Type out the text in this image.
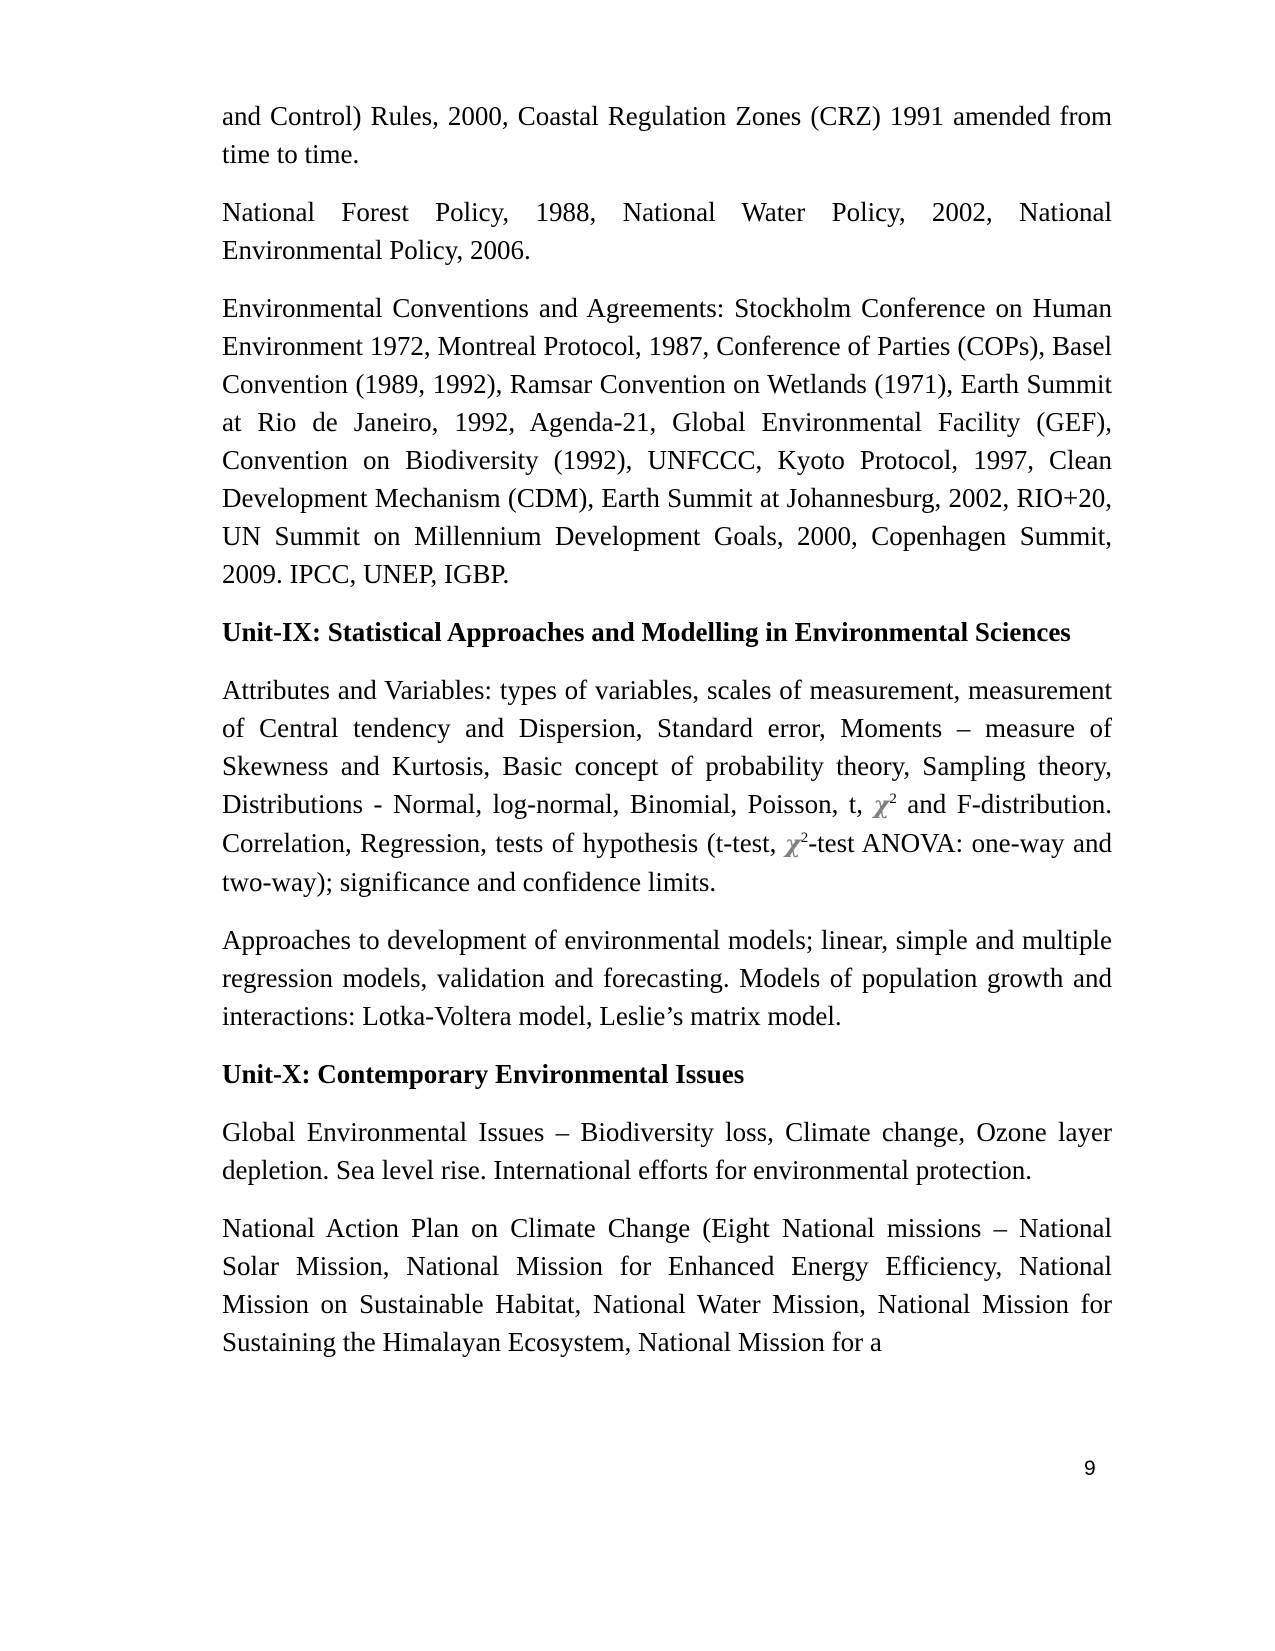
and Control) Rules, 2000, Coastal Regulation Zones (CRZ) 1991 amended from time to time.

National Forest Policy, 1988, National Water Policy, 2002, National Environmental Policy, 2006.

Environmental Conventions and Agreements: Stockholm Conference on Human Environment 1972, Montreal Protocol, 1987, Conference of Parties (COPs), Basel Convention (1989, 1992), Ramsar Convention on Wetlands (1971), Earth Summit at Rio de Janeiro, 1992, Agenda-21, Global Environmental Facility (GEF), Convention on Biodiversity (1992), UNFCCC, Kyoto Protocol, 1997, Clean Development Mechanism (CDM), Earth Summit at Johannesburg, 2002, RIO+20, UN Summit on Millennium Development Goals, 2000, Copenhagen Summit, 2009. IPCC, UNEP, IGBP.

Unit-IX: Statistical Approaches and Modelling in Environmental Sciences

Attributes and Variables: types of variables, scales of measurement, measurement of Central tendency and Dispersion, Standard error, Moments – measure of Skewness and Kurtosis, Basic concept of probability theory, Sampling theory, Distributions - Normal, log-normal, Binomial, Poisson, t, $\chi^2$ and F-distribution. Correlation, Regression, tests of hypothesis (t-test, $\chi^2$-test ANOVA: one-way and two-way); significance and confidence limits.

Approaches to development of environmental models; linear, simple and multiple regression models, validation and forecasting. Models of population growth and interactions: Lotka-Voltera model, Leslie’s matrix model.

Unit-X: Contemporary Environmental Issues

Global Environmental Issues – Biodiversity loss, Climate change, Ozone layer depletion. Sea level rise. International efforts for environmental protection.

National Action Plan on Climate Change (Eight National missions – National Solar Mission, National Mission for Enhanced Energy Efficiency, National Mission on Sustainable Habitat, National Water Mission, National Mission for Sustaining the Himalayan Ecosystem, National Mission for a

9
